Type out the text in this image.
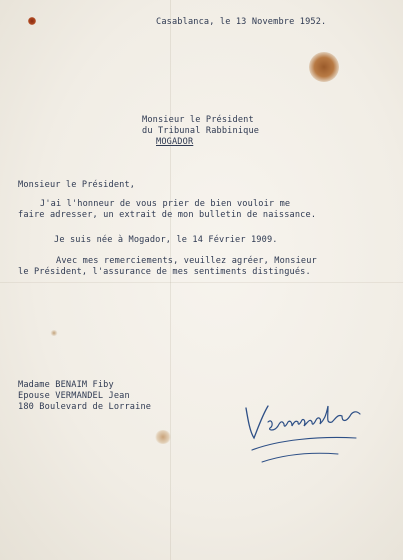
Casablanca, le 13 Novembre 1952.
Monsieur le Président
du Tribunal Rabbinique
MOGADOR
Monsieur le Président,
J'ai l'honneur de vous prier de bien vouloir me
faire adresser, un extrait de mon bulletin de naissance.
Je suis née à Mogador, le 14 Février 1909.
Avec mes remerciements, veuillez agréer, Monsieur
le Président, l'assurance de mes sentiments distingués.
Madame BENAIM Fiby
Epouse VERMANDEL Jean
180 Boulevard de Lorraine
